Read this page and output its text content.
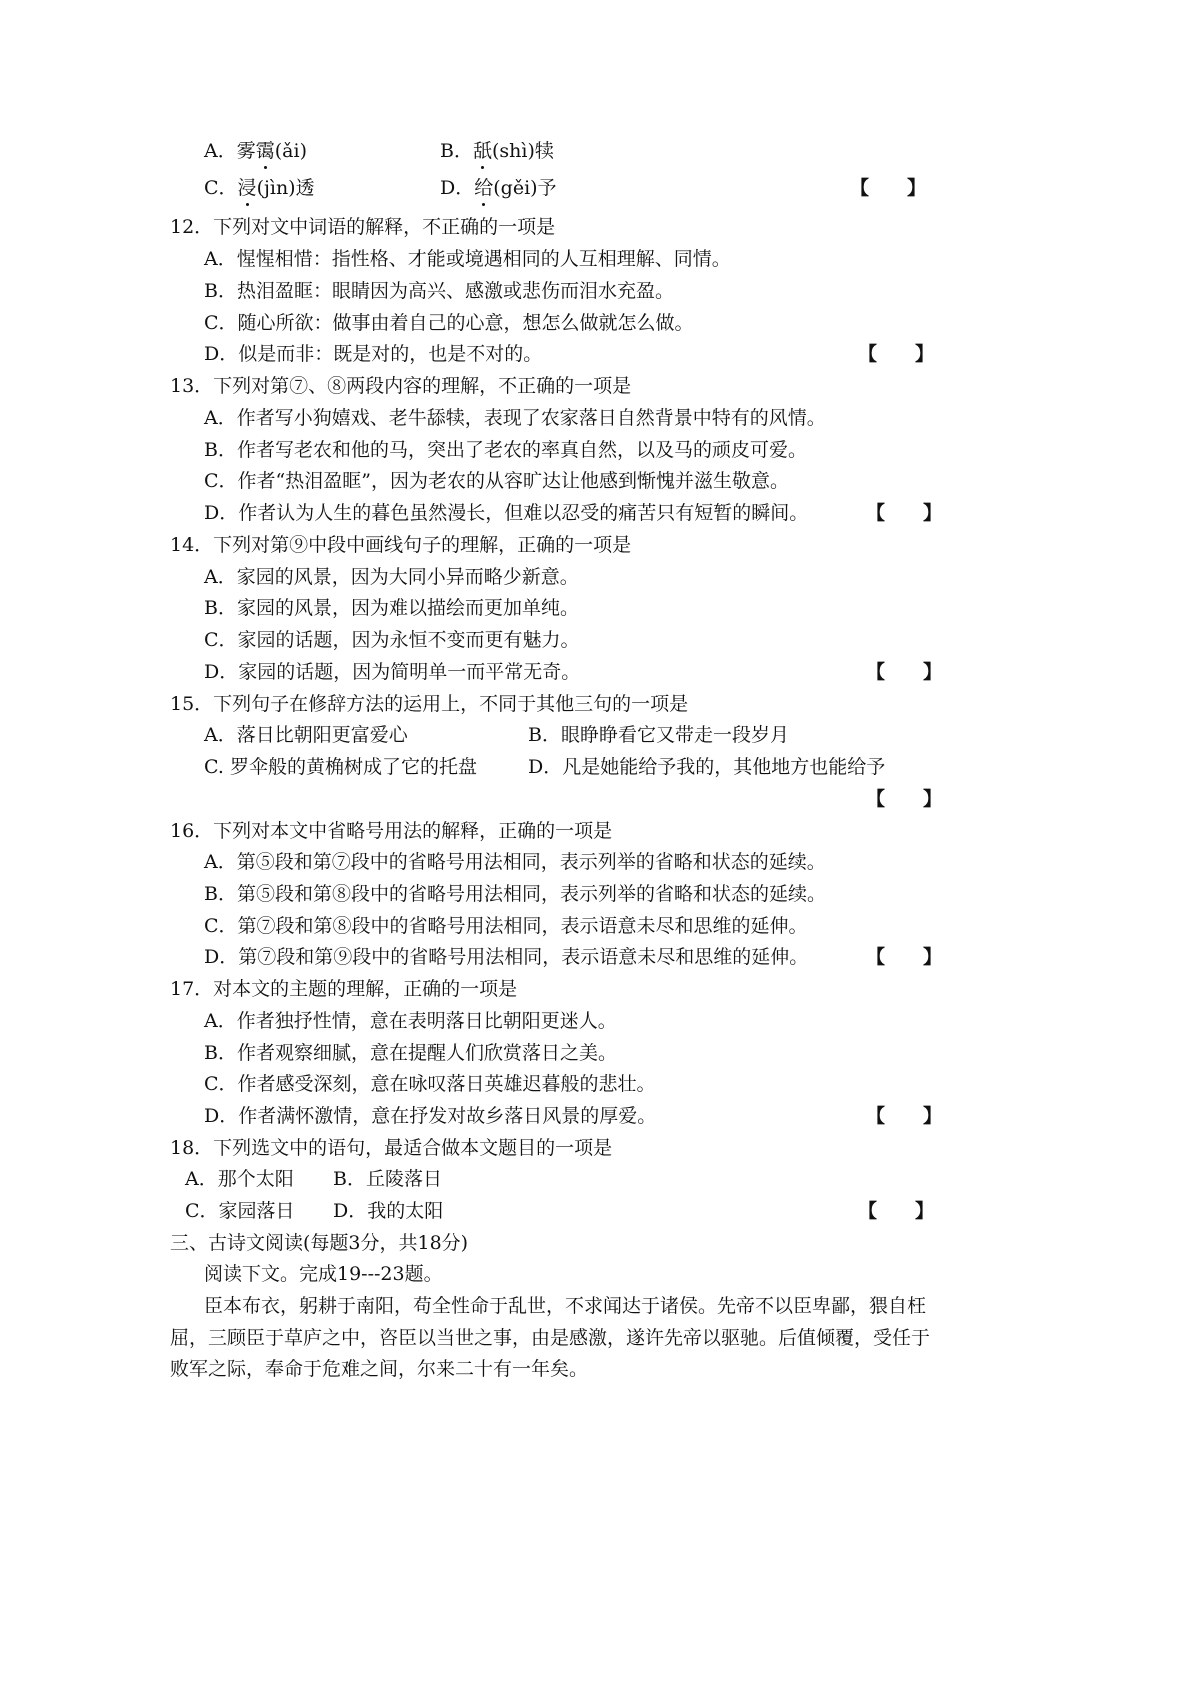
A．雾霭(ǎi)	B．舐(shì)犊
C．浸(jìn)透	D．给(gěi)予	【　　】
12．下列对文中词语的解释，不正确的一项是
A．惺惺相惜：指性格、才能或境遇相同的人互相理解、同情。
B．热泪盈眶：眼睛因为高兴、感激或悲伤而泪水充盈。
C．随心所欲：做事由着自己的心意，想怎么做就怎么做。
D．似是而非：既是对的，也是不对的。	【　　】
13．下列对第⑦、⑧两段内容的理解，不正确的一项是
A．作者写小狗嬉戏、老牛舔犊，表现了农家落日自然背景中特有的风情。
B．作者写老农和他的马，突出了老农的率真自然，以及马的顽皮可爱。
C．作者“热泪盈眶”，因为老农的从容旷达让他感到惭愧并滋生敬意。
D．作者认为人生的暮色虽然漫长，但难以忍受的痛苦只有短暂的瞬间。	【　　】
14．下列对第⑨中段中画线句子的理解，正确的一项是
A．家园的风景，因为大同小异而略少新意。
B．家园的风景，因为难以描绘而更加单纯。
C．家园的话题，因为永恒不变而更有魅力。
D．家园的话题，因为简明单一而平常无奇。	【　　】
15．下列句子在修辞方法的运用上，不同于其他三句的一项是
A．落日比朝阳更富爱心	B．眼睁睁看它又带走一段岁月
C. 罗伞般的黄桷树成了它的托盘	D．凡是她能给予我的，其他地方也能给予
【　　】
16．下列对本文中省略号用法的解释，正确的一项是
A．第⑤段和第⑦段中的省略号用法相同，表示列举的省略和状态的延续。
B．第⑤段和第⑧段中的省略号用法相同，表示列举的省略和状态的延续。
C．第⑦段和第⑧段中的省略号用法相同，表示语意未尽和思维的延伸。
D．第⑦段和第⑨段中的省略号用法相同，表示语意未尽和思维的延伸。	【　　】
17．对本文的主题的理解，正确的一项是
A．作者独抒性情，意在表明落日比朝阳更迷人。
B．作者观察细腻，意在提醒人们欣赏落日之美。
C．作者感受深刻，意在咏叹落日英雄迟暮般的悲壮。
D．作者满怀激情，意在抒发对故乡落日风景的厚爱。	【　　】
18．下列选文中的语句，最适合做本文题目的一项是
A．那个太阳 B．丘陵落日
C．家园落日 D．我的太阳	【　　】
三、古诗文阅读(每题3分，共18分)
阅读下文。完成19---23题。
臣本布衣，躬耕于南阳，苟全性命于乱世，不求闻达于诸侯。先帝不以臣卑鄙，猥自枉
屈，三顾臣于草庐之中，咨臣以当世之事，由是感激，遂许先帝以驱驰。后值倾覆，受任于
败军之际，奉命于危难之间，尔来二十有一年矣。
